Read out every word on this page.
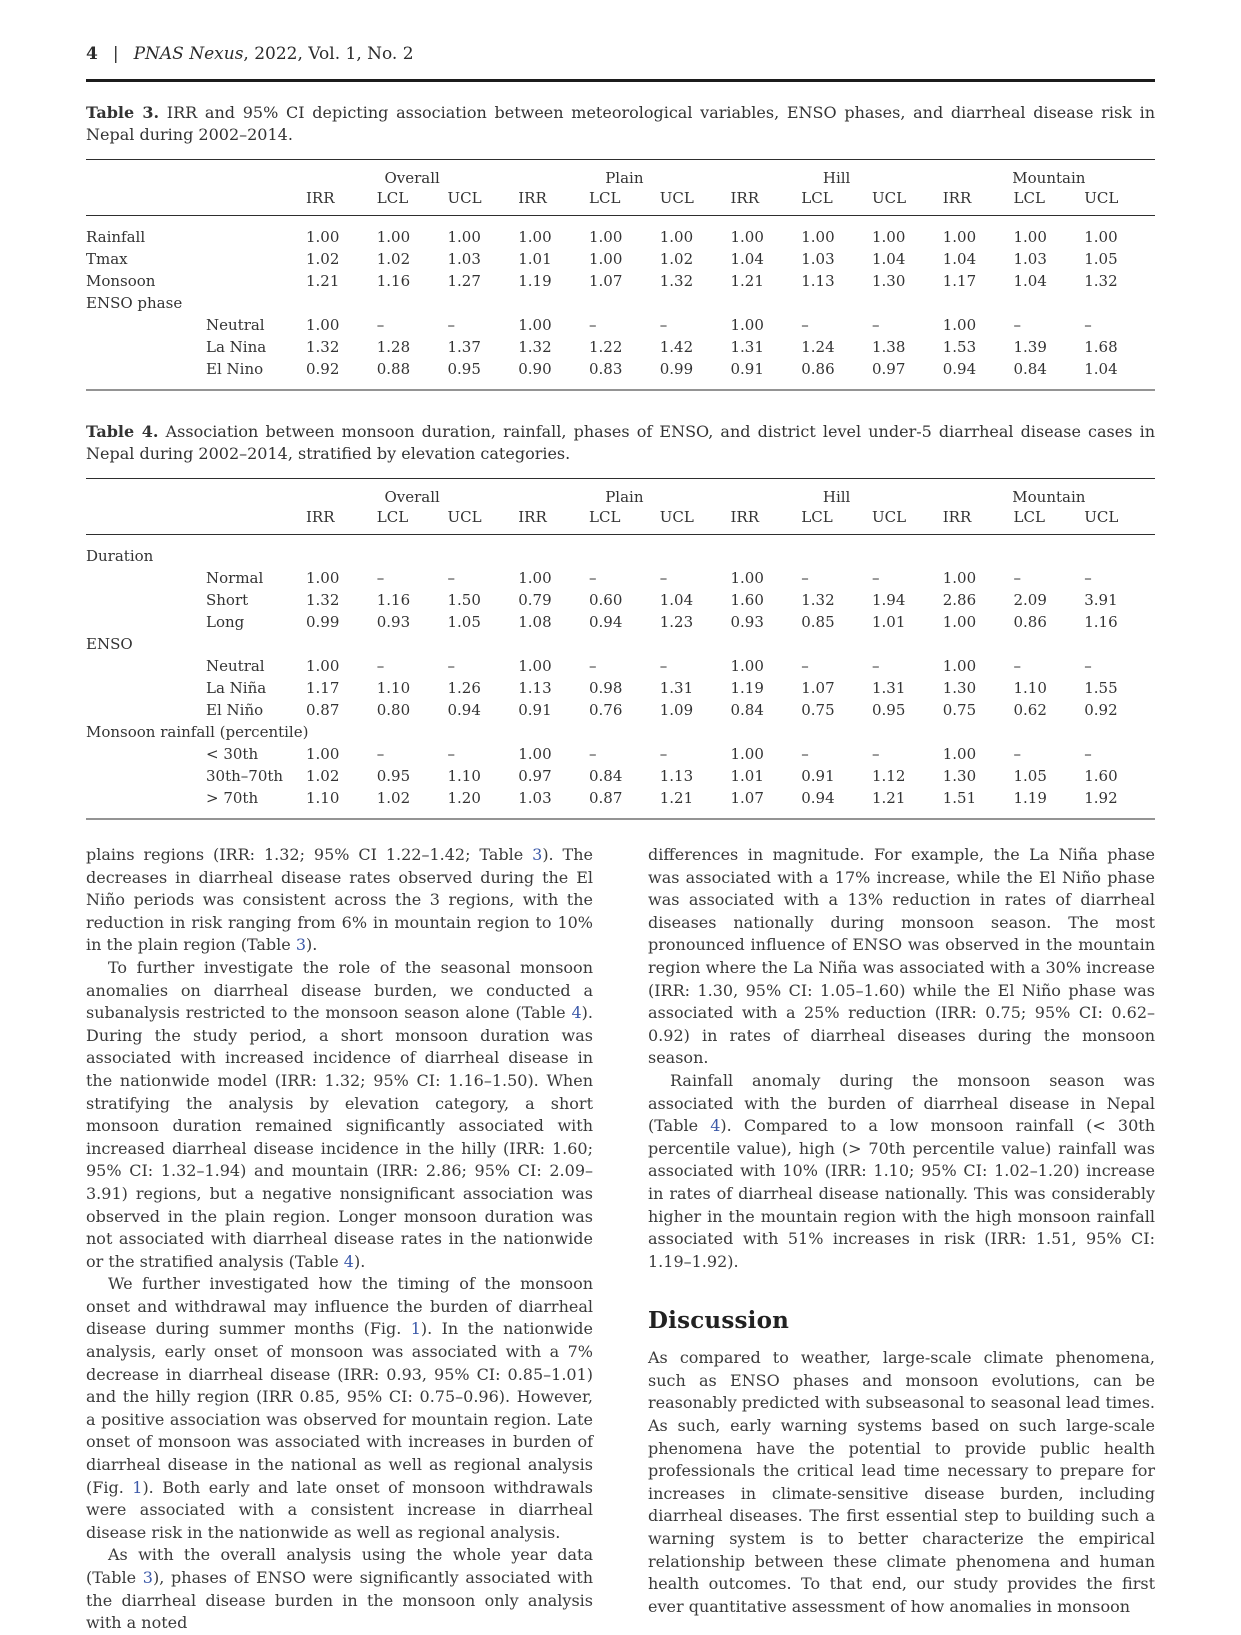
4 | PNAS Nexus, 2022, Vol. 1, No. 2

Table 3. IRR and 95% CI depicting association between meteorological variables, ENSO phases, and diarrheal disease risk in Nepal during 2002–2014.

		Overall			Plain			Hill			Mountain		
		IRR	LCL	UCL	IRR	LCL	UCL	IRR	LCL	UCL	IRR	LCL	UCL
Rainfall		1.00	1.00	1.00	1.00	1.00	1.00	1.00	1.00	1.00	1.00	1.00	1.00
Tmax		1.02	1.02	1.03	1.01	1.00	1.02	1.04	1.03	1.04	1.04	1.03	1.05
Monsoon		1.21	1.16	1.27	1.19	1.07	1.32	1.21	1.13	1.30	1.17	1.04	1.32
ENSO phase													
	Neutral	1.00	–	–	1.00	–	–	1.00	–	–	1.00	–	–
	La Nina	1.32	1.28	1.37	1.32	1.22	1.42	1.31	1.24	1.38	1.53	1.39	1.68
	El Nino	0.92	0.88	0.95	0.90	0.83	0.99	0.91	0.86	0.97	0.94	0.84	1.04

Table 4. Association between monsoon duration, rainfall, phases of ENSO, and district level under-5 diarrheal disease cases in Nepal during 2002–2014, stratified by elevation categories.

		Overall			Plain			Hill			Mountain		
		IRR	LCL	UCL	IRR	LCL	UCL	IRR	LCL	UCL	IRR	LCL	UCL
Duration													
	Normal	1.00	–	–	1.00	–	–	1.00	–	–	1.00	–	–
	Short	1.32	1.16	1.50	0.79	0.60	1.04	1.60	1.32	1.94	2.86	2.09	3.91
	Long	0.99	0.93	1.05	1.08	0.94	1.23	0.93	0.85	1.01	1.00	0.86	1.16
ENSO													
	Neutral	1.00	–	–	1.00	–	–	1.00	–	–	1.00	–	–
	La Niña	1.17	1.10	1.26	1.13	0.98	1.31	1.19	1.07	1.31	1.30	1.10	1.55
	El Niño	0.87	0.80	0.94	0.91	0.76	1.09	0.84	0.75	0.95	0.75	0.62	0.92
Monsoon rainfall (percentile)													
	< 30th	1.00	–	–	1.00	–	–	1.00	–	–	1.00	–	–
	30th–70th	1.02	0.95	1.10	0.97	0.84	1.13	1.01	0.91	1.12	1.30	1.05	1.60
	> 70th	1.10	1.02	1.20	1.03	0.87	1.21	1.07	0.94	1.21	1.51	1.19	1.92

plains regions (IRR: 1.32; 95% CI 1.22–1.42; Table 3). The decreases in diarrheal disease rates observed during the El Niño periods was consistent across the 3 regions, with the reduction in risk ranging from 6% in mountain region to 10% in the plain region (Table 3).

To further investigate the role of the seasonal monsoon anomalies on diarrheal disease burden, we conducted a subanalysis restricted to the monsoon season alone (Table 4). During the study period, a short monsoon duration was associated with increased incidence of diarrheal disease in the nationwide model (IRR: 1.32; 95% CI: 1.16–1.50). When stratifying the analysis by elevation category, a short monsoon duration remained significantly associated with increased diarrheal disease incidence in the hilly (IRR: 1.60; 95% CI: 1.32–1.94) and mountain (IRR: 2.86; 95% CI: 2.09–3.91) regions, but a negative nonsignificant association was observed in the plain region. Longer monsoon duration was not associated with diarrheal disease rates in the nationwide or the stratified analysis (Table 4).

We further investigated how the timing of the monsoon onset and withdrawal may influence the burden of diarrheal disease during summer months (Fig. 1). In the nationwide analysis, early onset of monsoon was associated with a 7% decrease in diarrheal disease (IRR: 0.93, 95% CI: 0.85–1.01) and the hilly region (IRR 0.85, 95% CI: 0.75–0.96). However, a positive association was observed for mountain region. Late onset of monsoon was associated with increases in burden of diarrheal disease in the national as well as regional analysis (Fig. 1). Both early and late onset of monsoon withdrawals were associated with a consistent increase in diarrheal disease risk in the nationwide as well as regional analysis.

As with the overall analysis using the whole year data (Table 3), phases of ENSO were significantly associated with the diarrheal disease burden in the monsoon only analysis with a noted

differences in magnitude. For example, the La Niña phase was associated with a 17% increase, while the El Niño phase was associated with a 13% reduction in rates of diarrheal diseases nationally during monsoon season. The most pronounced influence of ENSO was observed in the mountain region where the La Niña was associated with a 30% increase (IRR: 1.30, 95% CI: 1.05–1.60) while the El Niño phase was associated with a 25% reduction (IRR: 0.75; 95% CI: 0.62–0.92) in rates of diarrheal diseases during the monsoon season.

Rainfall anomaly during the monsoon season was associated with the burden of diarrheal disease in Nepal (Table 4). Compared to a low monsoon rainfall (< 30th percentile value), high (> 70th percentile value) rainfall was associated with 10% (IRR: 1.10; 95% CI: 1.02–1.20) increase in rates of diarrheal disease nationally. This was considerably higher in the mountain region with the high monsoon rainfall associated with 51% increases in risk (IRR: 1.51, 95% CI: 1.19–1.92).

Discussion

As compared to weather, large-scale climate phenomena, such as ENSO phases and monsoon evolutions, can be reasonably predicted with subseasonal to seasonal lead times. As such, early warning systems based on such large-scale phenomena have the potential to provide public health professionals the critical lead time necessary to prepare for increases in climate-sensitive disease burden, including diarrheal diseases. The first essential step to building such a warning system is to better characterize the empirical relationship between these climate phenomena and human health outcomes. To that end, our study provides the first ever quantitative assessment of how anomalies in monsoon
